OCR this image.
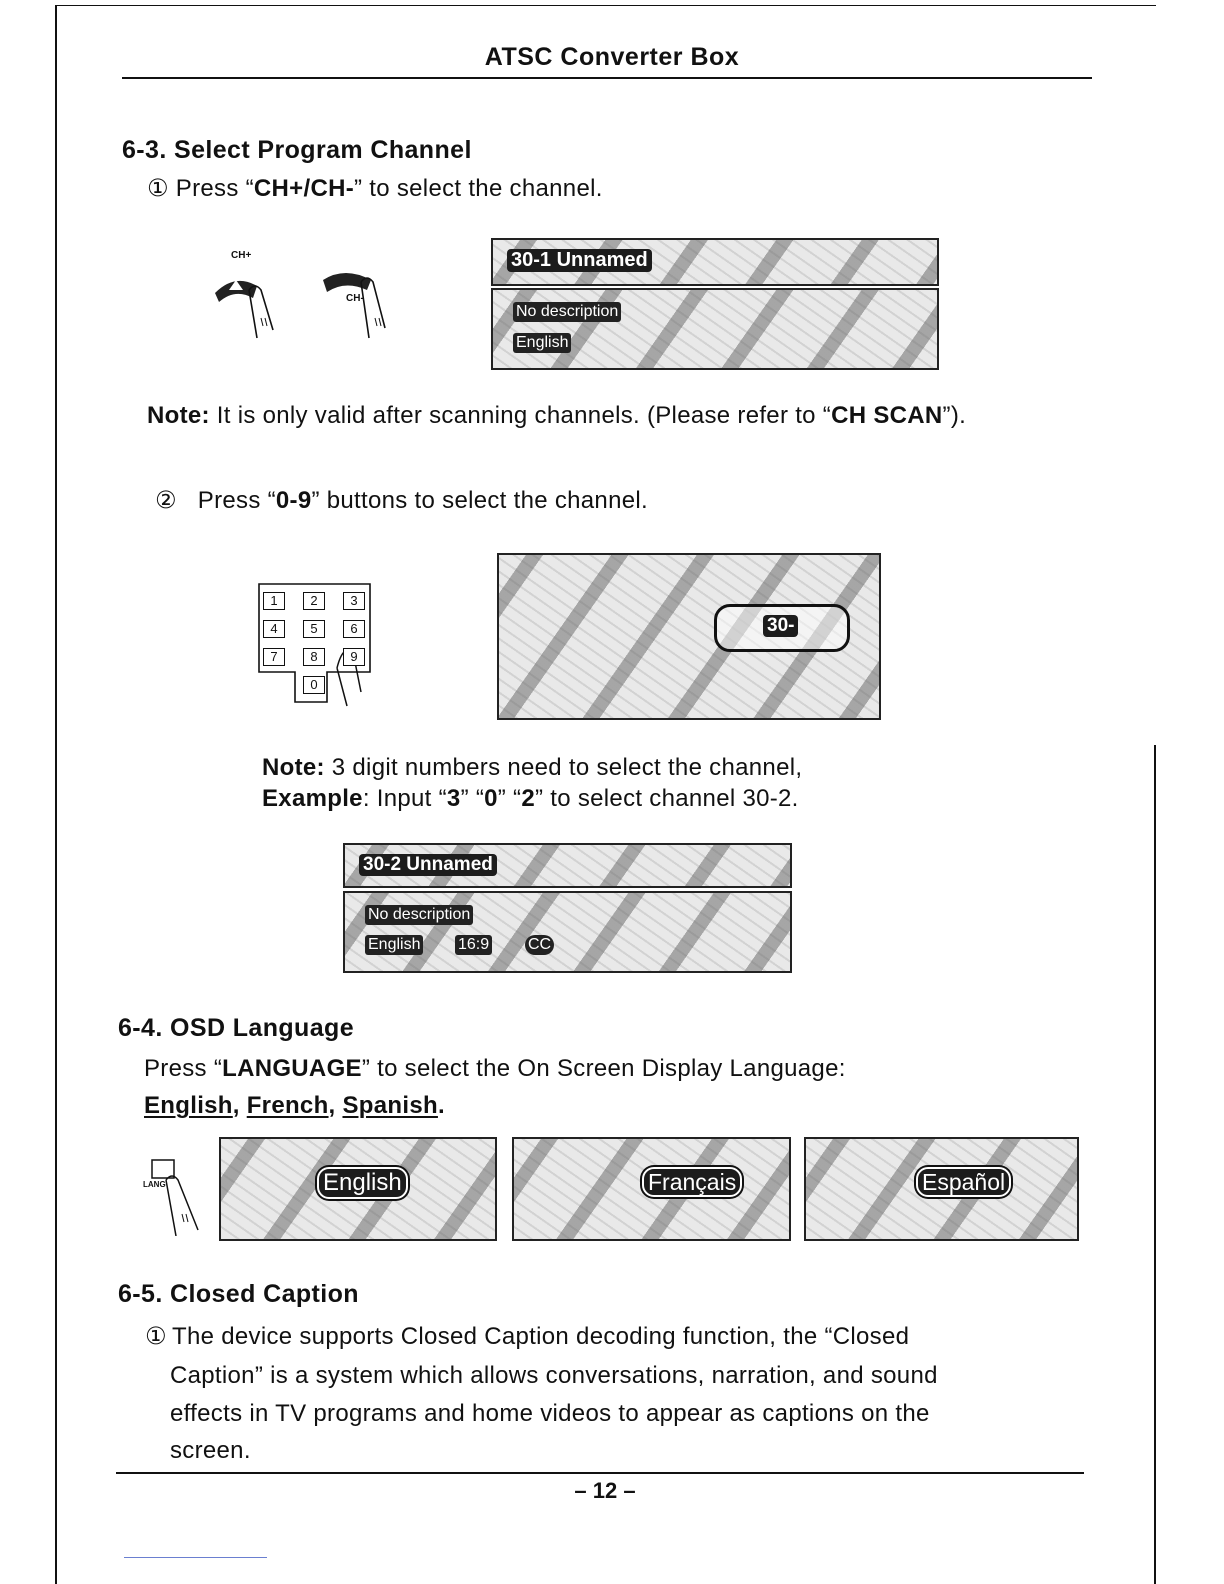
ATSC Converter Box
6-3. Select Program Channel
① Press “CH+/CH-” to select the channel.
CH+
CH-
30-1 Unnamed
No description
English
Note: It is only valid after scanning channels. (Please refer to “CH SCAN”).
② Press “0-9” buttons to select the channel.
1	2	3
4	5	6
7	8	9
0
30-
Note: 3 digit numbers need to select the channel,
Example: Input “3” “0” “2” to select channel 30-2.
30-2 Unnamed
No description
English 16:9 CC
6-4. OSD Language
Press “LANGUAGE” to select the On Screen Display Language:
English, French, Spanish.
LANG	English	Français	Español
6-5. Closed Caption
① The device supports Closed Caption decoding function, the “Closed
Caption” is a system which allows conversations, narration, and sound
effects in TV programs and home videos to appear as captions on the
screen.
– 12 –
